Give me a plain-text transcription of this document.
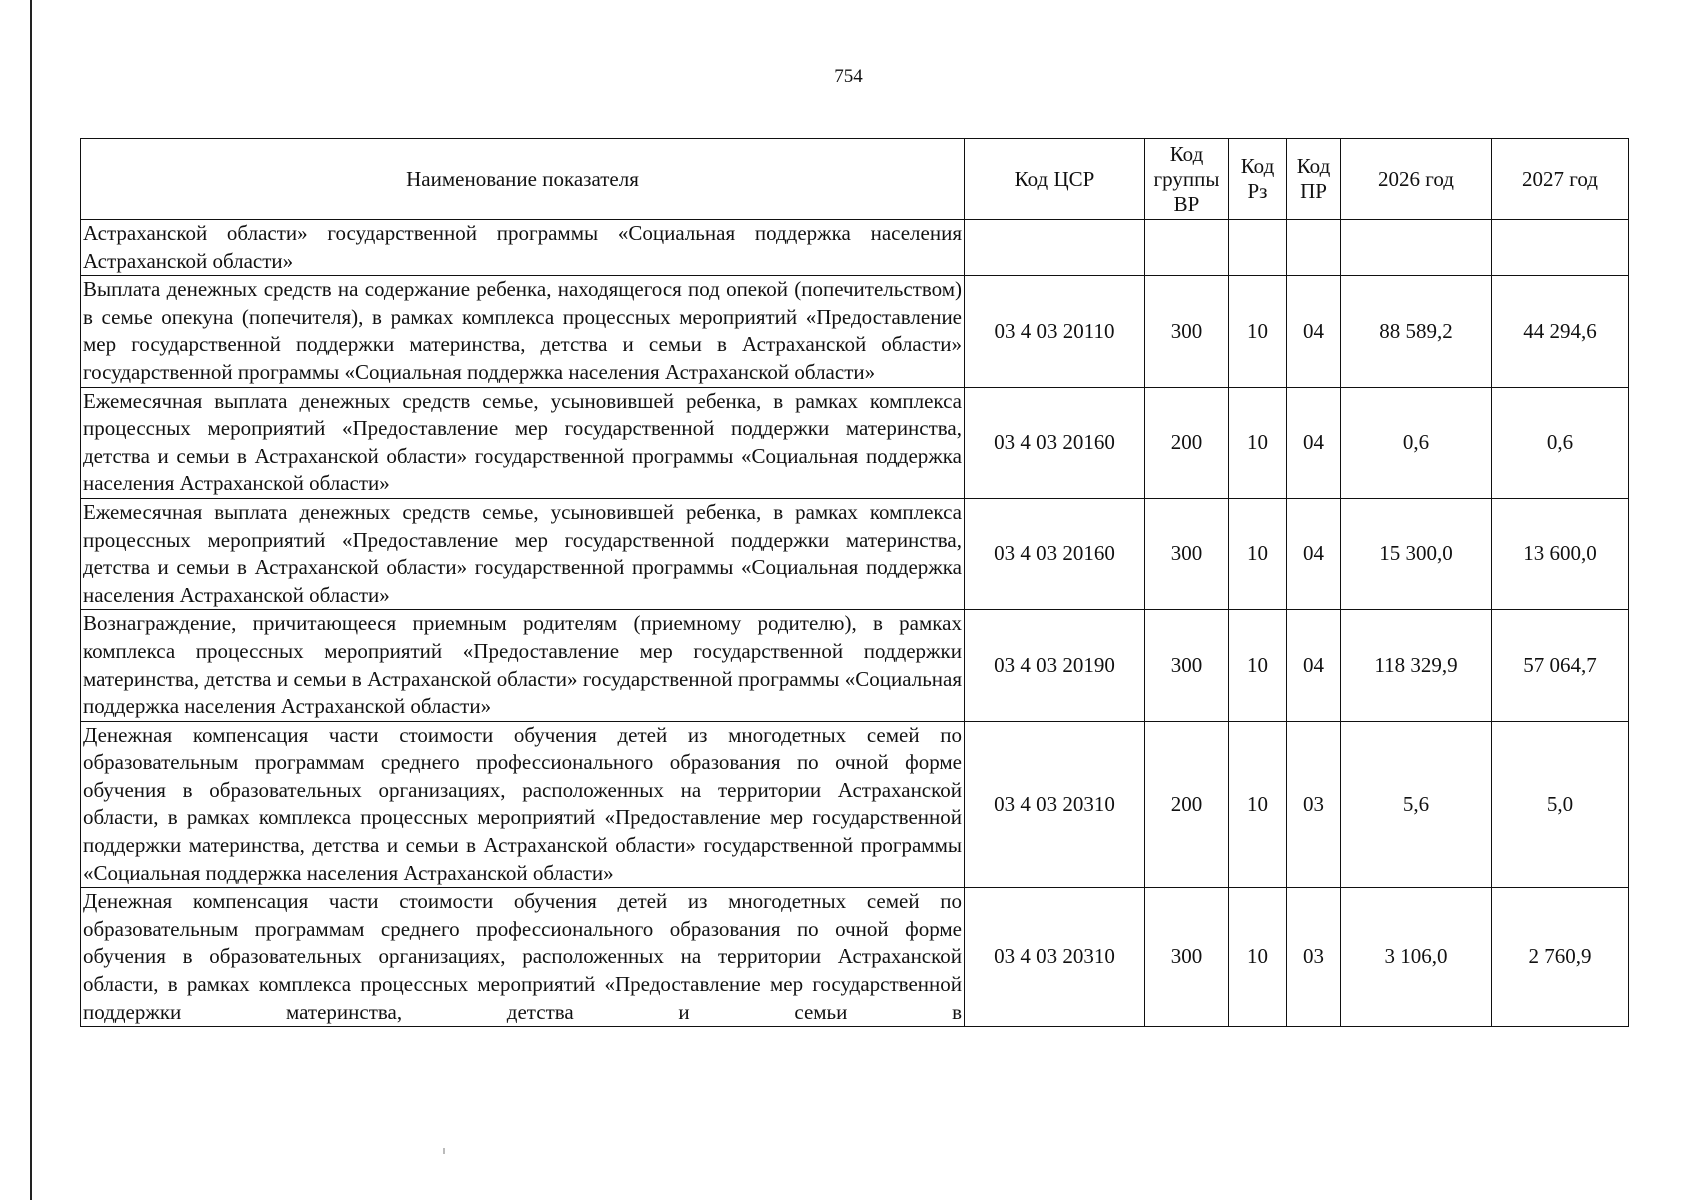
754
Наименование показателя	Код ЦСР	Код группы ВР	Код Рз	Код ПР	2026 год	2027 год
Астраханской области» государственной программы «Социальная поддержка населения Астраханской области»						
Выплата денежных средств на содержание ребенка, находящегося под опекой (попечительством) в семье опекуна (попечителя), в рамках комплекса процессных мероприятий «Предоставление мер государственной поддержки материнства, детства и семьи в Астраханской области» государственной программы «Социальная поддержка населения Астраханской области»	03 4 03 20110	300	10	04	88 589,2	44 294,6
Ежемесячная выплата денежных средств семье, усыновившей ребенка, в рамках комплекса процессных мероприятий «Предоставление мер государственной поддержки материнства, детства и семьи в Астраханской области» государственной программы «Социальная поддержка населения Астраханской области»	03 4 03 20160	200	10	04	0,6	0,6
Ежемесячная выплата денежных средств семье, усыновившей ребенка, в рамках комплекса процессных мероприятий «Предоставление мер государственной поддержки материнства, детства и семьи в Астраханской области» государственной программы «Социальная поддержка населения Астраханской области»	03 4 03 20160	300	10	04	15 300,0	13 600,0
Вознаграждение, причитающееся приемным родителям (приемному родителю), в рамках комплекса процессных мероприятий «Предоставление мер государственной поддержки материнства, детства и семьи в Астраханской области» государственной программы «Социальная поддержка населения Астраханской области»	03 4 03 20190	300	10	04	118 329,9	57 064,7
Денежная компенсация части стоимости обучения детей из многодетных семей по образовательным программам среднего профессионального образования по очной форме обучения в образовательных организациях, расположенных на территории Астраханской области, в рамках комплекса процессных мероприятий «Предоставление мер государственной поддержки материнства, детства и семьи в Астраханской области» государственной программы «Социальная поддержка населения Астраханской области»	03 4 03 20310	200	10	03	5,6	5,0
Денежная компенсация части стоимости обучения детей из многодетных семей по образовательным программам среднего профессионального образования по очной форме обучения в образовательных организациях, расположенных на территории Астраханской области, в рамках комплекса процессных мероприятий «Предоставление мер государственной поддержки материнства, детства и семьи в	03 4 03 20310	300	10	03	3 106,0	2 760,9
